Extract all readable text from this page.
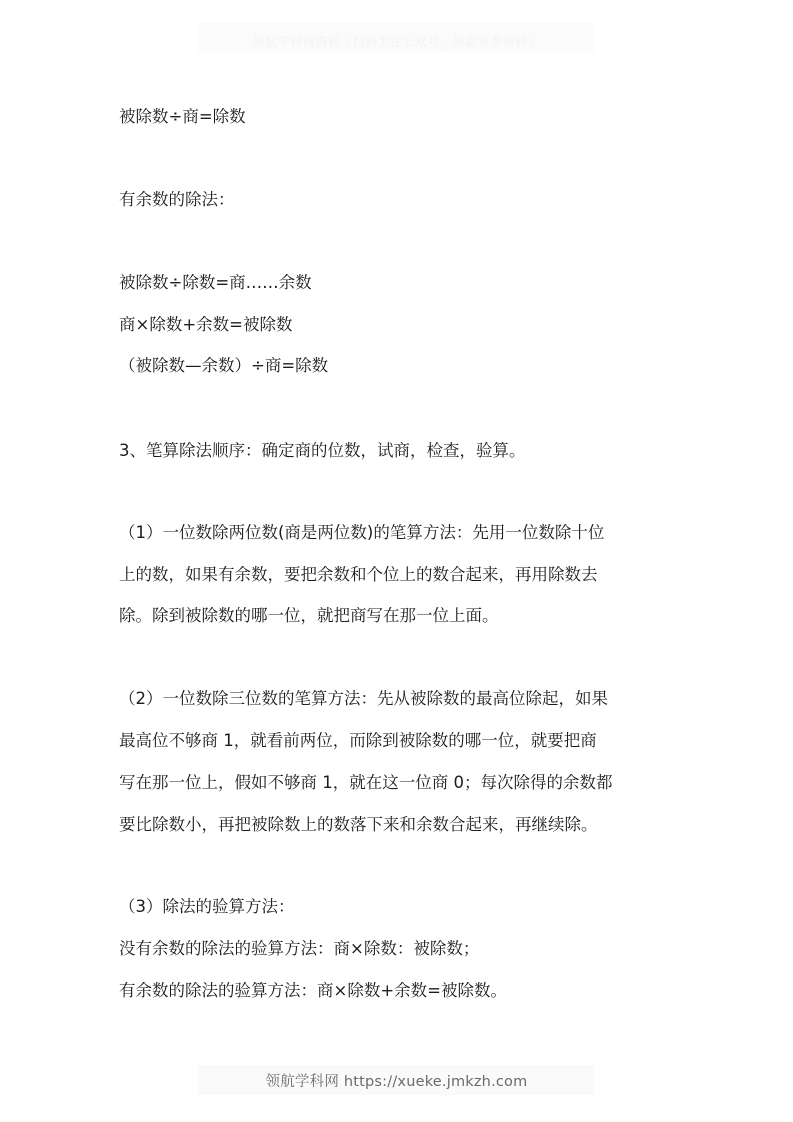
领航学科网资料（扫码关注公众号，领取更多资料）
被除数÷商=除数
有余数的除法：
被除数÷除数=商……余数
商×除数+余数=被除数
（被除数—余数）÷商=除数
3、笔算除法顺序：确定商的位数，试商，检查，验算。
（1）一位数除两位数(商是两位数)的笔算方法：先用一位数除十位
上的数，如果有余数，要把余数和个位上的数合起来，再用除数去
除。除到被除数的哪一位，就把商写在那一位上面。
（2）一位数除三位数的笔算方法：先从被除数的最高位除起，如果
最高位不够商 1，就看前两位，而除到被除数的哪一位，就要把商
写在那一位上，假如不够商 1，就在这一位商 0；每次除得的余数都
要比除数小，再把被除数上的数落下来和余数合起来，再继续除。
（3）除法的验算方法：
没有余数的除法的验算方法：商×除数：被除数；
有余数的除法的验算方法：商×除数+余数=被除数。
领航学科网 https://xueke.jmkzh.com
